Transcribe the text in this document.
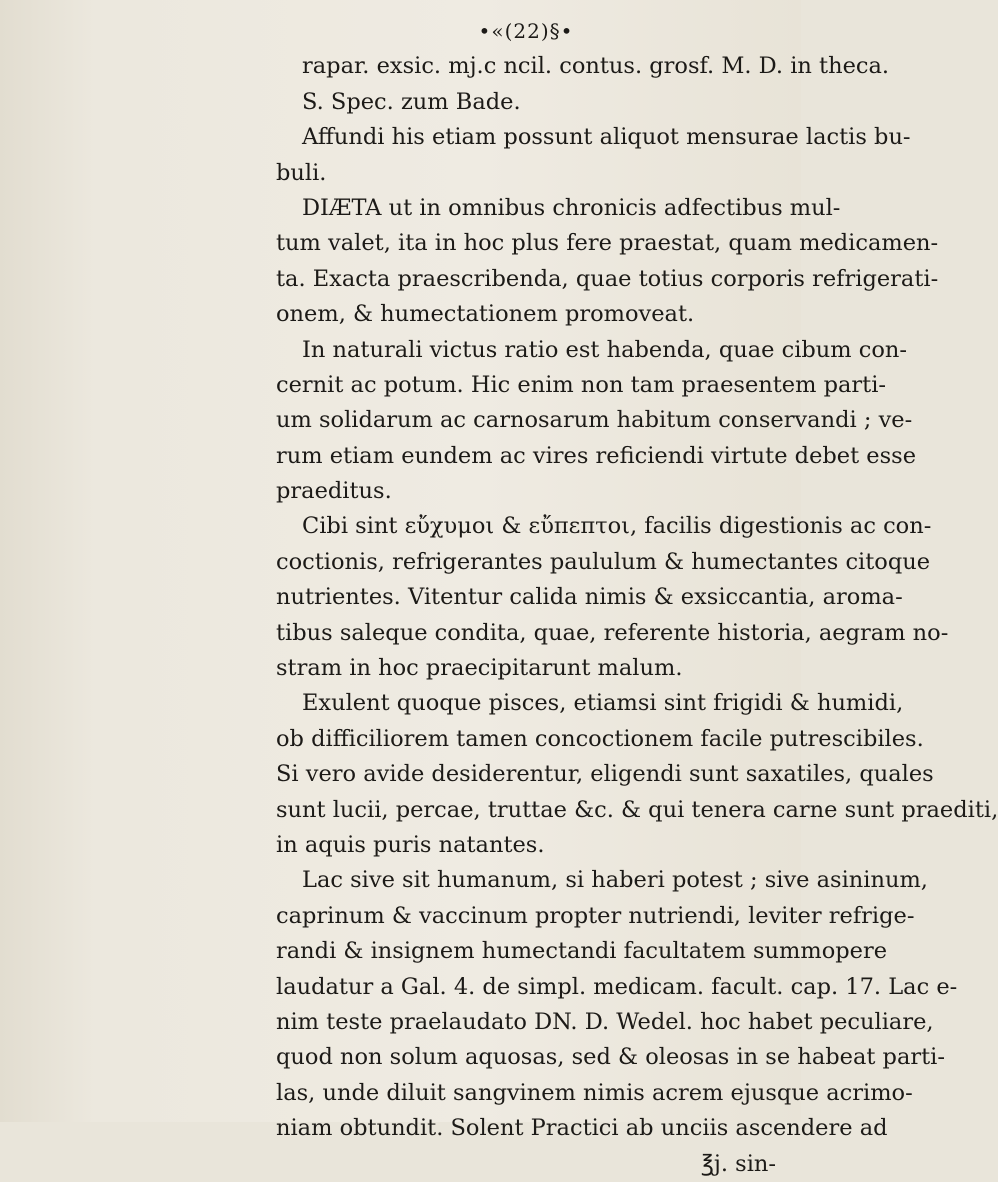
•«(22)§•
rapar. exsic. mj.c ncil. contus. grosf. M. D. in theca.
S. Spec. zum Bade.
Affundi his etiam possunt aliquot mensurae lactis bu-
buli.
DIÆTA ut in omnibus chronicis adfectibus mul-
tum valet, ita in hoc plus fere praestat, quam medicamen-
ta. Exacta praescribenda, quae totius corporis refrigerati-
onem, & humectationem promoveat.
In naturali victus ratio est habenda, quae cibum con-
cernit ac potum. Hic enim non tam praesentem parti-
um solidarum ac carnosarum habitum conservandi ; ve-
rum etiam eundem ac vires reficiendi virtute debet esse
praeditus.
Cibi sint εὔχυμοι & εὔπεπτοι, facilis digestionis ac con-
coctionis, refrigerantes paululum & humectantes citoque
nutrientes. Vitentur calida nimis & exsiccantia, aroma-
tibus saleque condita, quae, referente historia, aegram no-
stram in hoc praecipitarunt malum.
Exulent quoque pisces, etiamsi sint frigidi & humidi,
ob difficiliorem tamen concoctionem facile putrescibiles.
Si vero avide desiderentur, eligendi sunt saxatiles, quales
sunt lucii, percae, truttae &c. & qui tenera carne sunt praediti,
in aquis puris natantes.
Lac sive sit humanum, si haberi potest ; sive asininum,
caprinum & vaccinum propter nutriendi, leviter refrige-
randi & insignem humectandi facultatem summopere
laudatur a Gal. 4. de simpl. medicam. facult. cap. 17. Lac e-
nim teste praelaudato DN. D. Wedel. hoc habet peculiare,
quod non solum aquosas, sed & oleosas in se habeat parti-
las, unde diluit sangvinem nimis acrem ejusque acrimo-
niam obtundit. Solent Practici ab unciis ascendere ad
℥j. sin-
